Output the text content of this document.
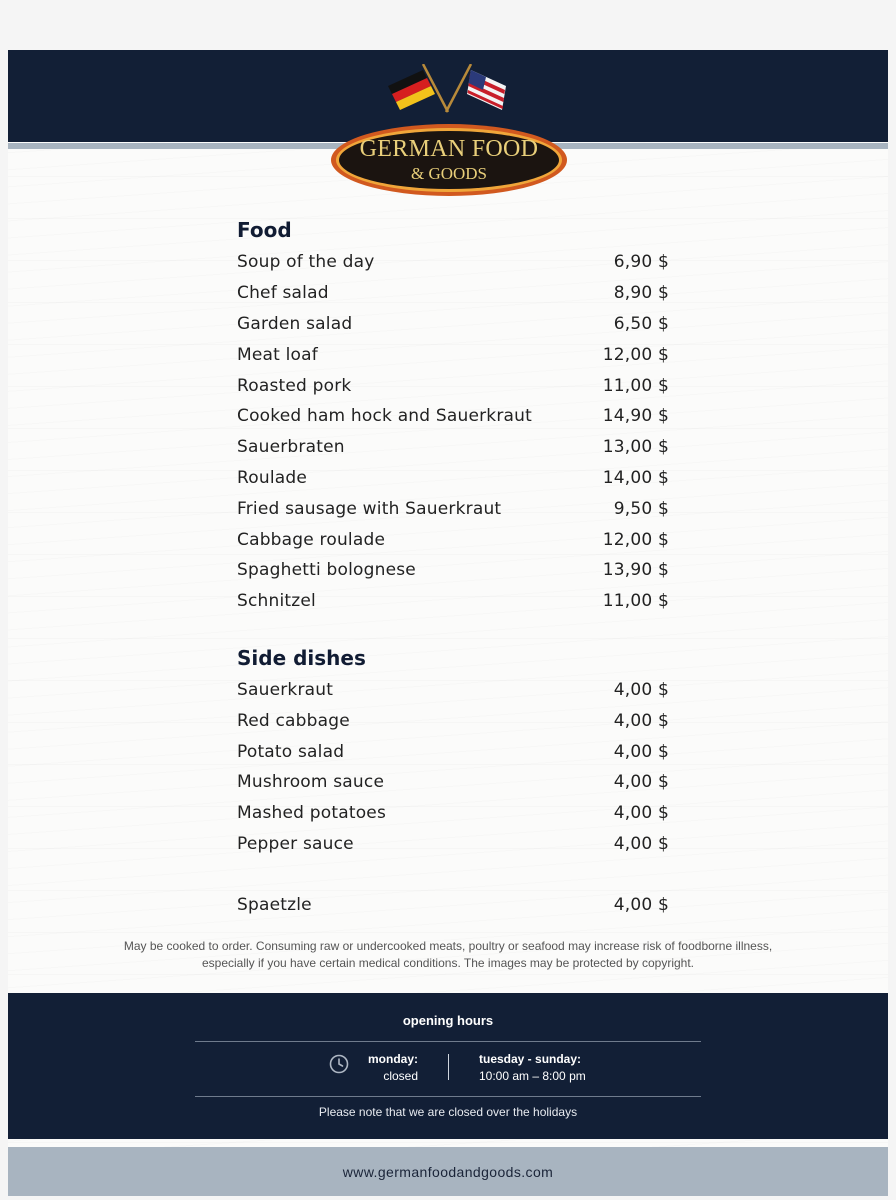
GERMAN FOOD
& GOODS
Food
Soup of the day	6,90 $
Chef salad	8,90 $
Garden salad	6,50 $
Meat loaf	12,00 $
Roasted pork	11,00 $
Cooked ham hock and Sauerkraut	14,90 $
Sauerbraten	13,00 $
Roulade	14,00 $
Fried sausage with Sauerkraut	9,50 $
Cabbage roulade	12,00 $
Spaghetti bolognese	13,90 $
Schnitzel	11,00 $
Side dishes
Sauerkraut	4,00 $
Red cabbage	4,00 $
Potato salad	4,00 $
Mushroom sauce	4,00 $
Mashed potatoes	4,00 $
Pepper sauce	4,00 $
Spaetzle	4,00 $
May be cooked to order. Consuming raw or undercooked meats, poultry or seafood may increase risk of foodborne illness,
especially if you have certain medical conditions. The images may be protected by copyright.
opening hours
monday:
closed
tuesday - sunday:
10:00 am – 8:00 pm
Please note that we are closed over the holidays
www.germanfoodandgoods.com
